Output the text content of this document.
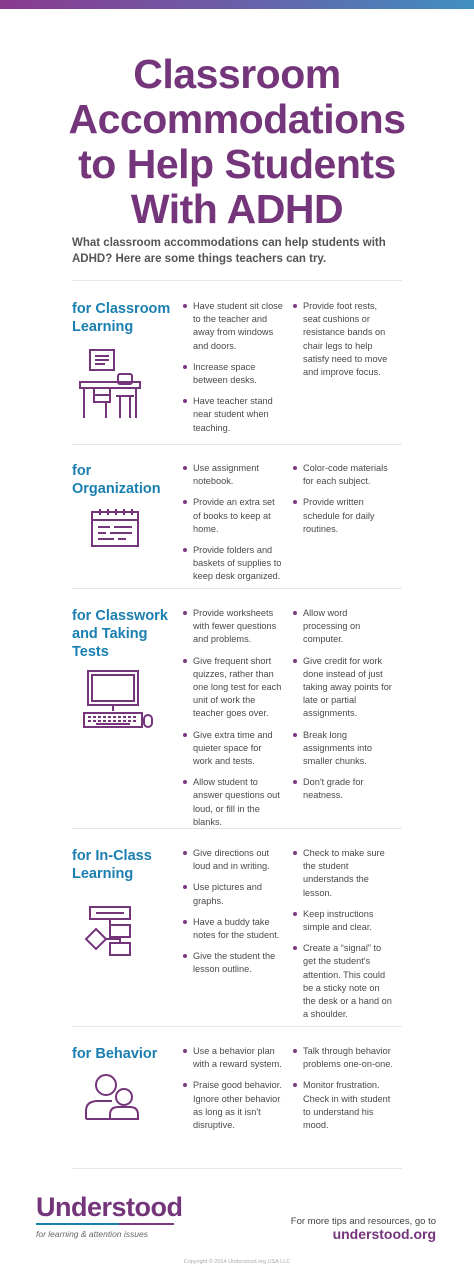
Classroom
Accommodations
to Help Students
With ADHD

What classroom accommodations can help students with ADHD? Here are some things teachers can try.

for Classroom
Learning
Have student sit close to the teacher and away from windows and doors.
Increase space between desks.
Have teacher stand near student when teaching.
Provide foot rests, seat cushions or resistance bands on chair legs to help satisfy need to move and improve focus.
for
Organization
Use assignment notebook.
Provide an extra set of books to keep at home.
Provide folders and baskets of supplies to keep desk organized.
Color-code materials for each subject.
Provide written schedule for daily routines.
for Classwork
and Taking
Tests
Provide worksheets with fewer questions and problems.
Give frequent short quizzes, rather than one long test for each unit of work the teacher goes over.
Give extra time and quieter space for work and tests.
Allow student to answer questions out loud, or fill in the blanks.
Allow word processing on computer.
Give credit for work done instead of just taking away points for late or partial assignments.
Break long assignments into smaller chunks.
Don't grade for neatness.
for In-Class
Learning
Give directions out loud and in writing.
Use pictures and graphs.
Have a buddy take notes for the student.
Give the student the lesson outline.
Check to make sure the student understands the lesson.
Keep instructions simple and clear.
Create a “signal” to get the student's attention. This could be a sticky note on the desk or a hand on a shoulder.
for Behavior	Use a behavior plan with a reward system.
Praise good behavior. Ignore other behavior as long as it isn't disruptive.
Talk through behavior problems one-on-one.
Monitor frustration. Check in with student to understand his mood.
Understood
for learning & attention issues
For more tips and resources, go to
understood.org
Copyright © 2014 Understood.org USA LLC
